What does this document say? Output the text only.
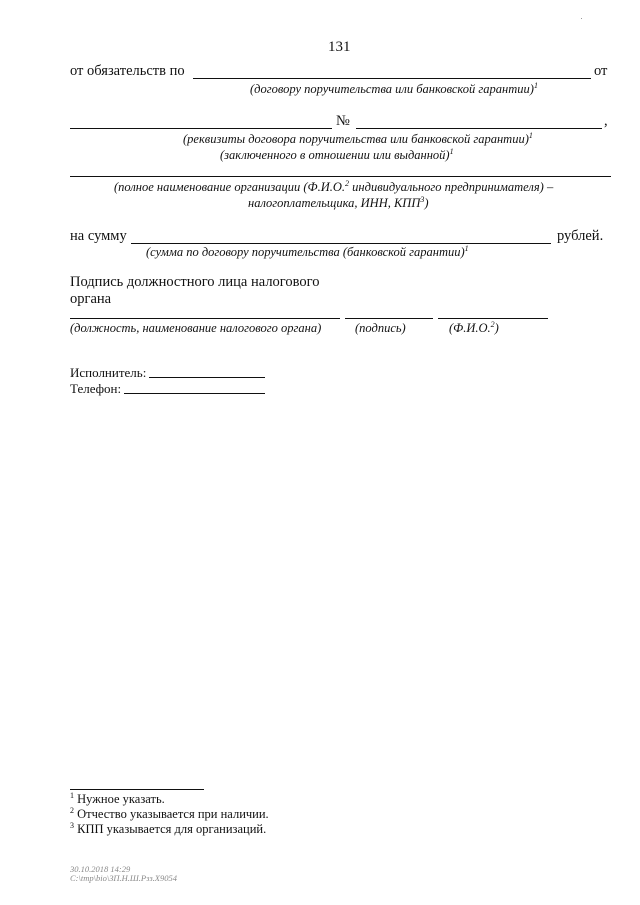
131
от обязательств по	от
(договору поручительства или банковской гарантии)$^1$
№	,
(реквизиты договора поручительства или банковской гарантии)$^1$
(заключенного в отношении или выданной)$^1$
(полное наименование организации (Ф.И.О.$^2$ индивидуального предпринимателя) –
налогоплательщика, ИНН, КПП$^3$)
на сумму	рублей.
(сумма по договору поручительства (банковской гарантии)$^1$
Подпись должностного лица налогового
органа
(должность, наименование налогового органа)	(подпись)	(Ф.И.О.$^2$)
Исполнитель:
Телефон:
$^1$ Нужное указать.
$^2$ Отчество указывается при наличии.
$^3$ КПП указывается для организаций.
30.10.2018 14:29
С:\tmp\bio\ЗП.Н.Ш.Рзз.Х9054
